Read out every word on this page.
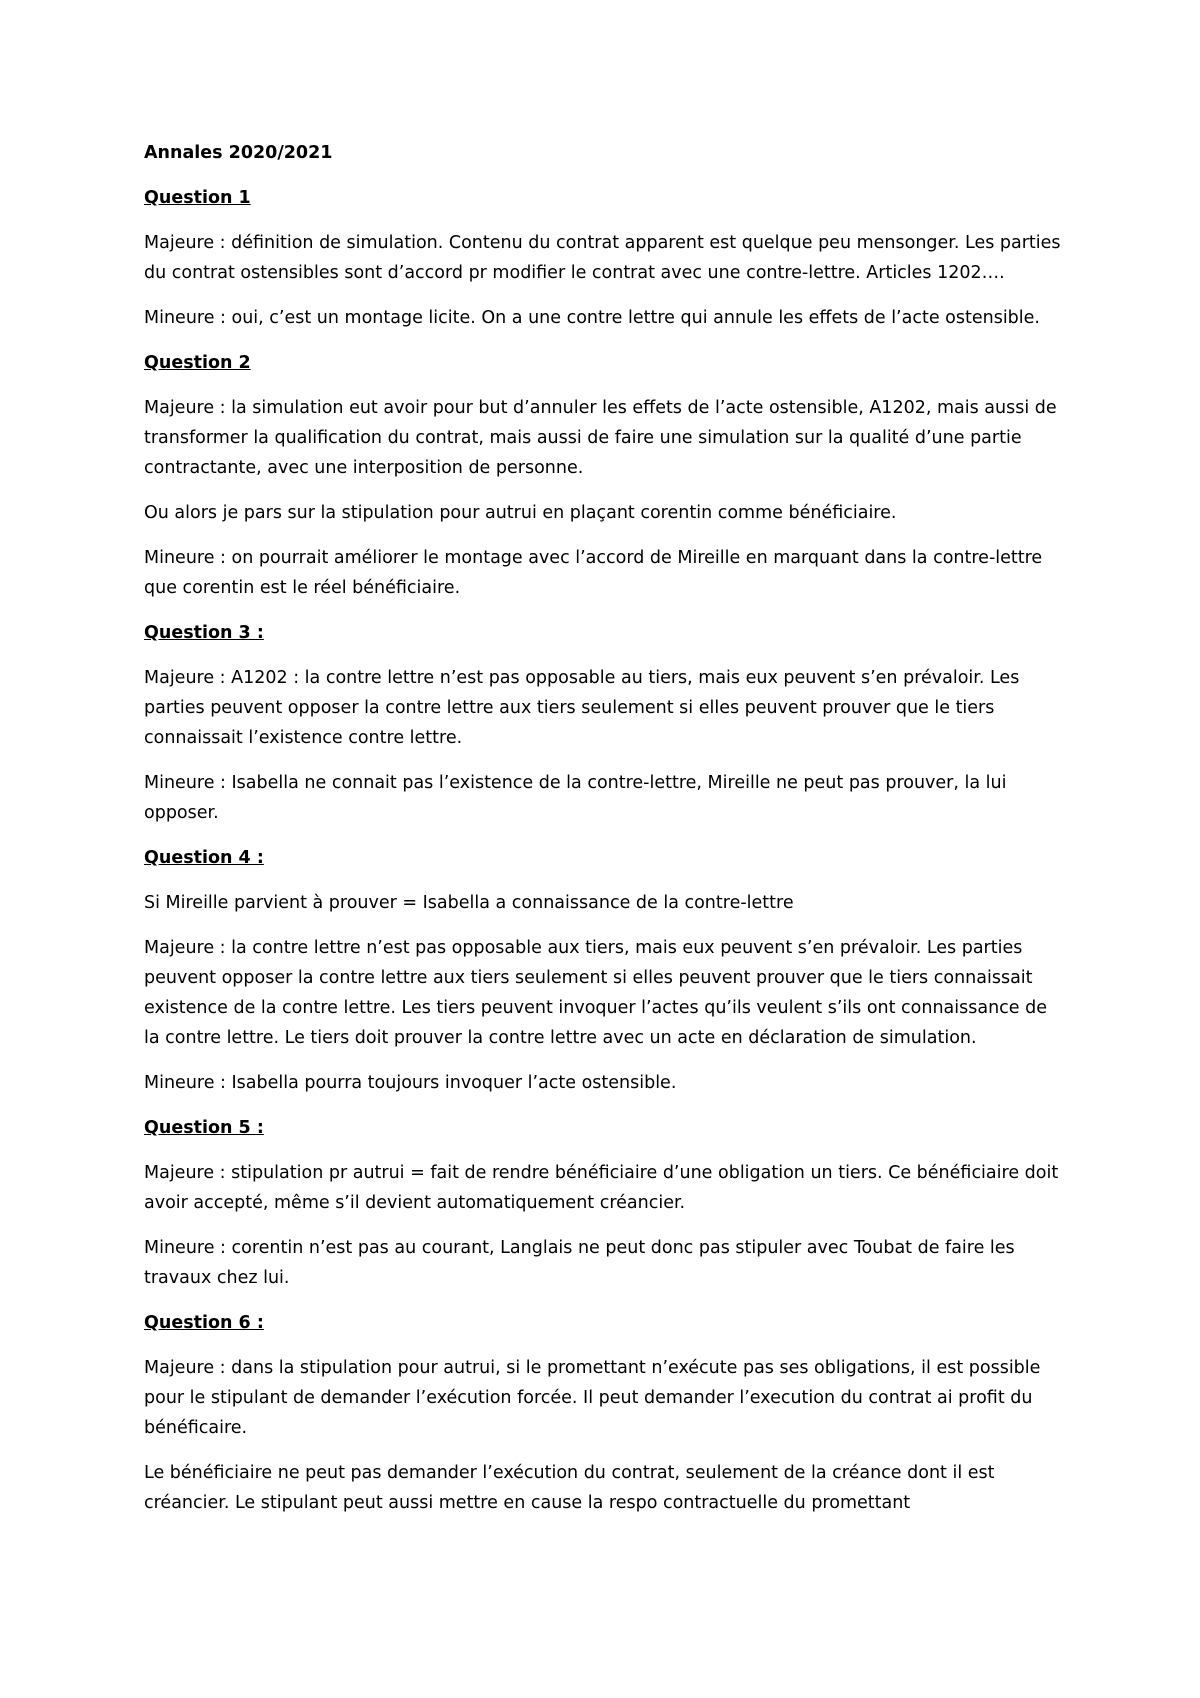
Annales 2020/2021

Question 1

Majeure : définition de simulation. Contenu du contrat apparent est quelque peu mensonger. Les parties du contrat ostensibles sont d’accord pr modifier le contrat avec une contre-lettre. Articles 1202….

Mineure : oui, c’est un montage licite. On a une contre lettre qui annule les effets de l’acte ostensible.

Question 2

Majeure : la simulation eut avoir pour but d’annuler les effets de l’acte ostensible, A1202, mais aussi de transformer la qualification du contrat, mais aussi de faire une simulation sur la qualité d’une partie contractante, avec une interposition de personne.

Ou alors je pars sur la stipulation pour autrui en plaçant corentin comme bénéficiaire.

Mineure : on pourrait améliorer le montage avec l’accord de Mireille en marquant dans la contre-lettre que corentin est le réel bénéficiaire.

Question 3 :

Majeure : A1202 : la contre lettre n’est pas opposable au tiers, mais eux peuvent s’en prévaloir. Les parties peuvent opposer la contre lettre aux tiers seulement si elles peuvent prouver que le tiers connaissait l’existence contre lettre.

Mineure : Isabella ne connait pas l’existence de la contre-lettre, Mireille ne peut pas prouver, la lui opposer.

Question 4 :

Si Mireille parvient à prouver = Isabella a connaissance de la contre-lettre

Majeure : la contre lettre n’est pas opposable aux tiers, mais eux peuvent s’en prévaloir. Les parties peuvent opposer la contre lettre aux tiers seulement si elles peuvent prouver que le tiers connaissait existence de la contre lettre. Les tiers peuvent invoquer l’actes qu’ils veulent s’ils ont connaissance de la contre lettre. Le tiers doit prouver la contre lettre avec un acte en déclaration de simulation.

Mineure : Isabella pourra toujours invoquer l’acte ostensible.

Question 5 :

Majeure : stipulation pr autrui = fait de rendre bénéficiaire d’une obligation un tiers. Ce bénéficiaire doit avoir accepté, même s’il devient automatiquement créancier.

Mineure : corentin n’est pas au courant, Langlais ne peut donc pas stipuler avec Toubat de faire les travaux chez lui.

Question 6 :

Majeure : dans la stipulation pour autrui, si le promettant n’exécute pas ses obligations, il est possible pour le stipulant de demander l’exécution forcée. Il peut demander l’execution du contrat ai profit du bénéficaire.

Le bénéficiaire ne peut pas demander l’exécution du contrat, seulement de la créance dont il est créancier. Le stipulant peut aussi mettre en cause la respo contractuelle du promettant
